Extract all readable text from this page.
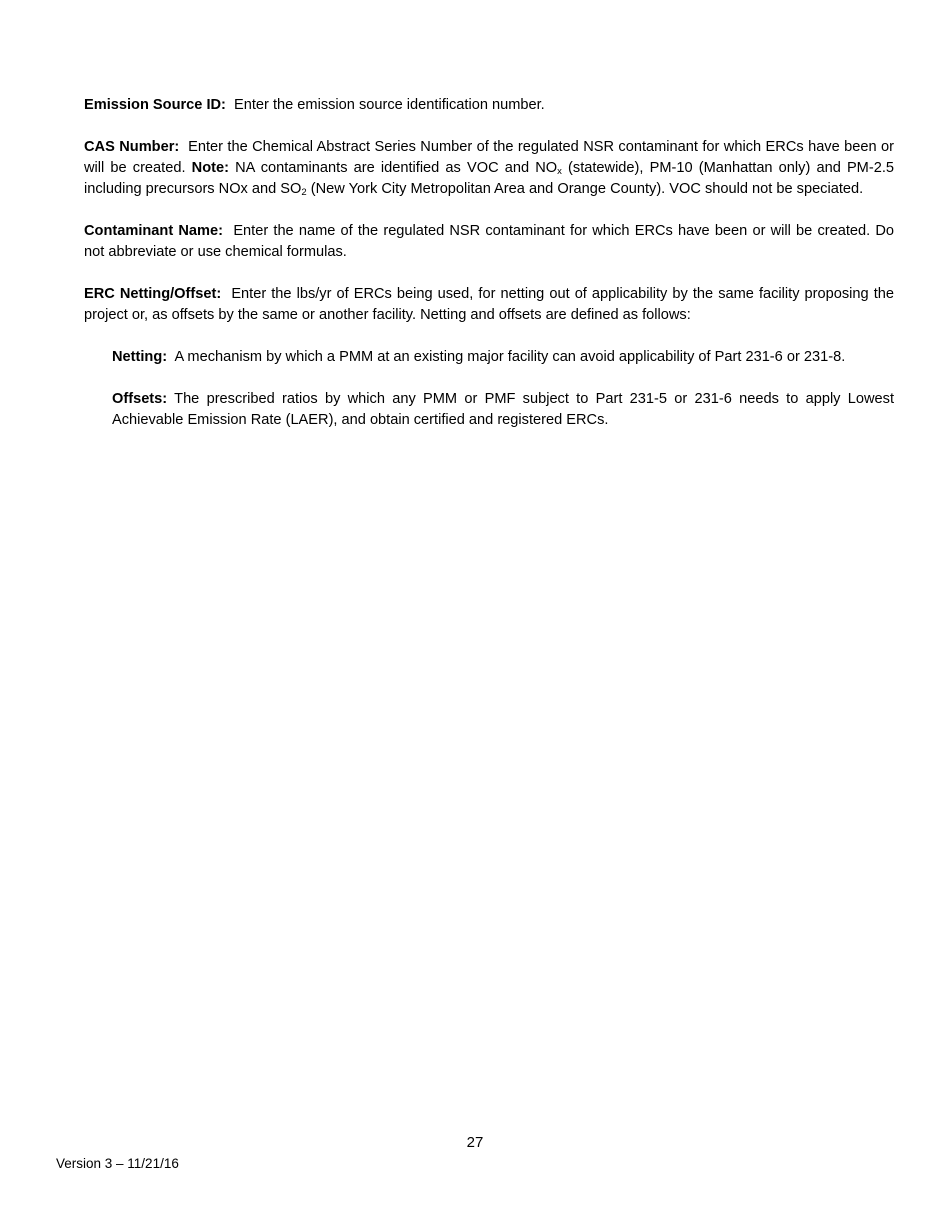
Emission Source ID: Enter the emission source identification number.

CAS Number: Enter the Chemical Abstract Series Number of the regulated NSR contaminant for which ERCs have been or will be created. Note: NA contaminants are identified as VOC and $NO_x$ (statewide), PM-10 (Manhattan only) and PM-2.5 including precursors NOx and $SO_2$ (New York City Metropolitan Area and Orange County). VOC should not be speciated.

Contaminant Name: Enter the name of the regulated NSR contaminant for which ERCs have been or will be created. Do not abbreviate or use chemical formulas.

ERC Netting/Offset: Enter the lbs/yr of ERCs being used, for netting out of applicability by the same facility proposing the project or, as offsets by the same or another facility. Netting and offsets are defined as follows:

Netting: A mechanism by which a PMM at an existing major facility can avoid applicability of Part 231-6 or 231-8.

Offsets: The prescribed ratios by which any PMM or PMF subject to Part 231-5 or 231-6 needs to apply Lowest Achievable Emission Rate (LAER), and obtain certified and registered ERCs.

27
Version 3 – 11/21/16
